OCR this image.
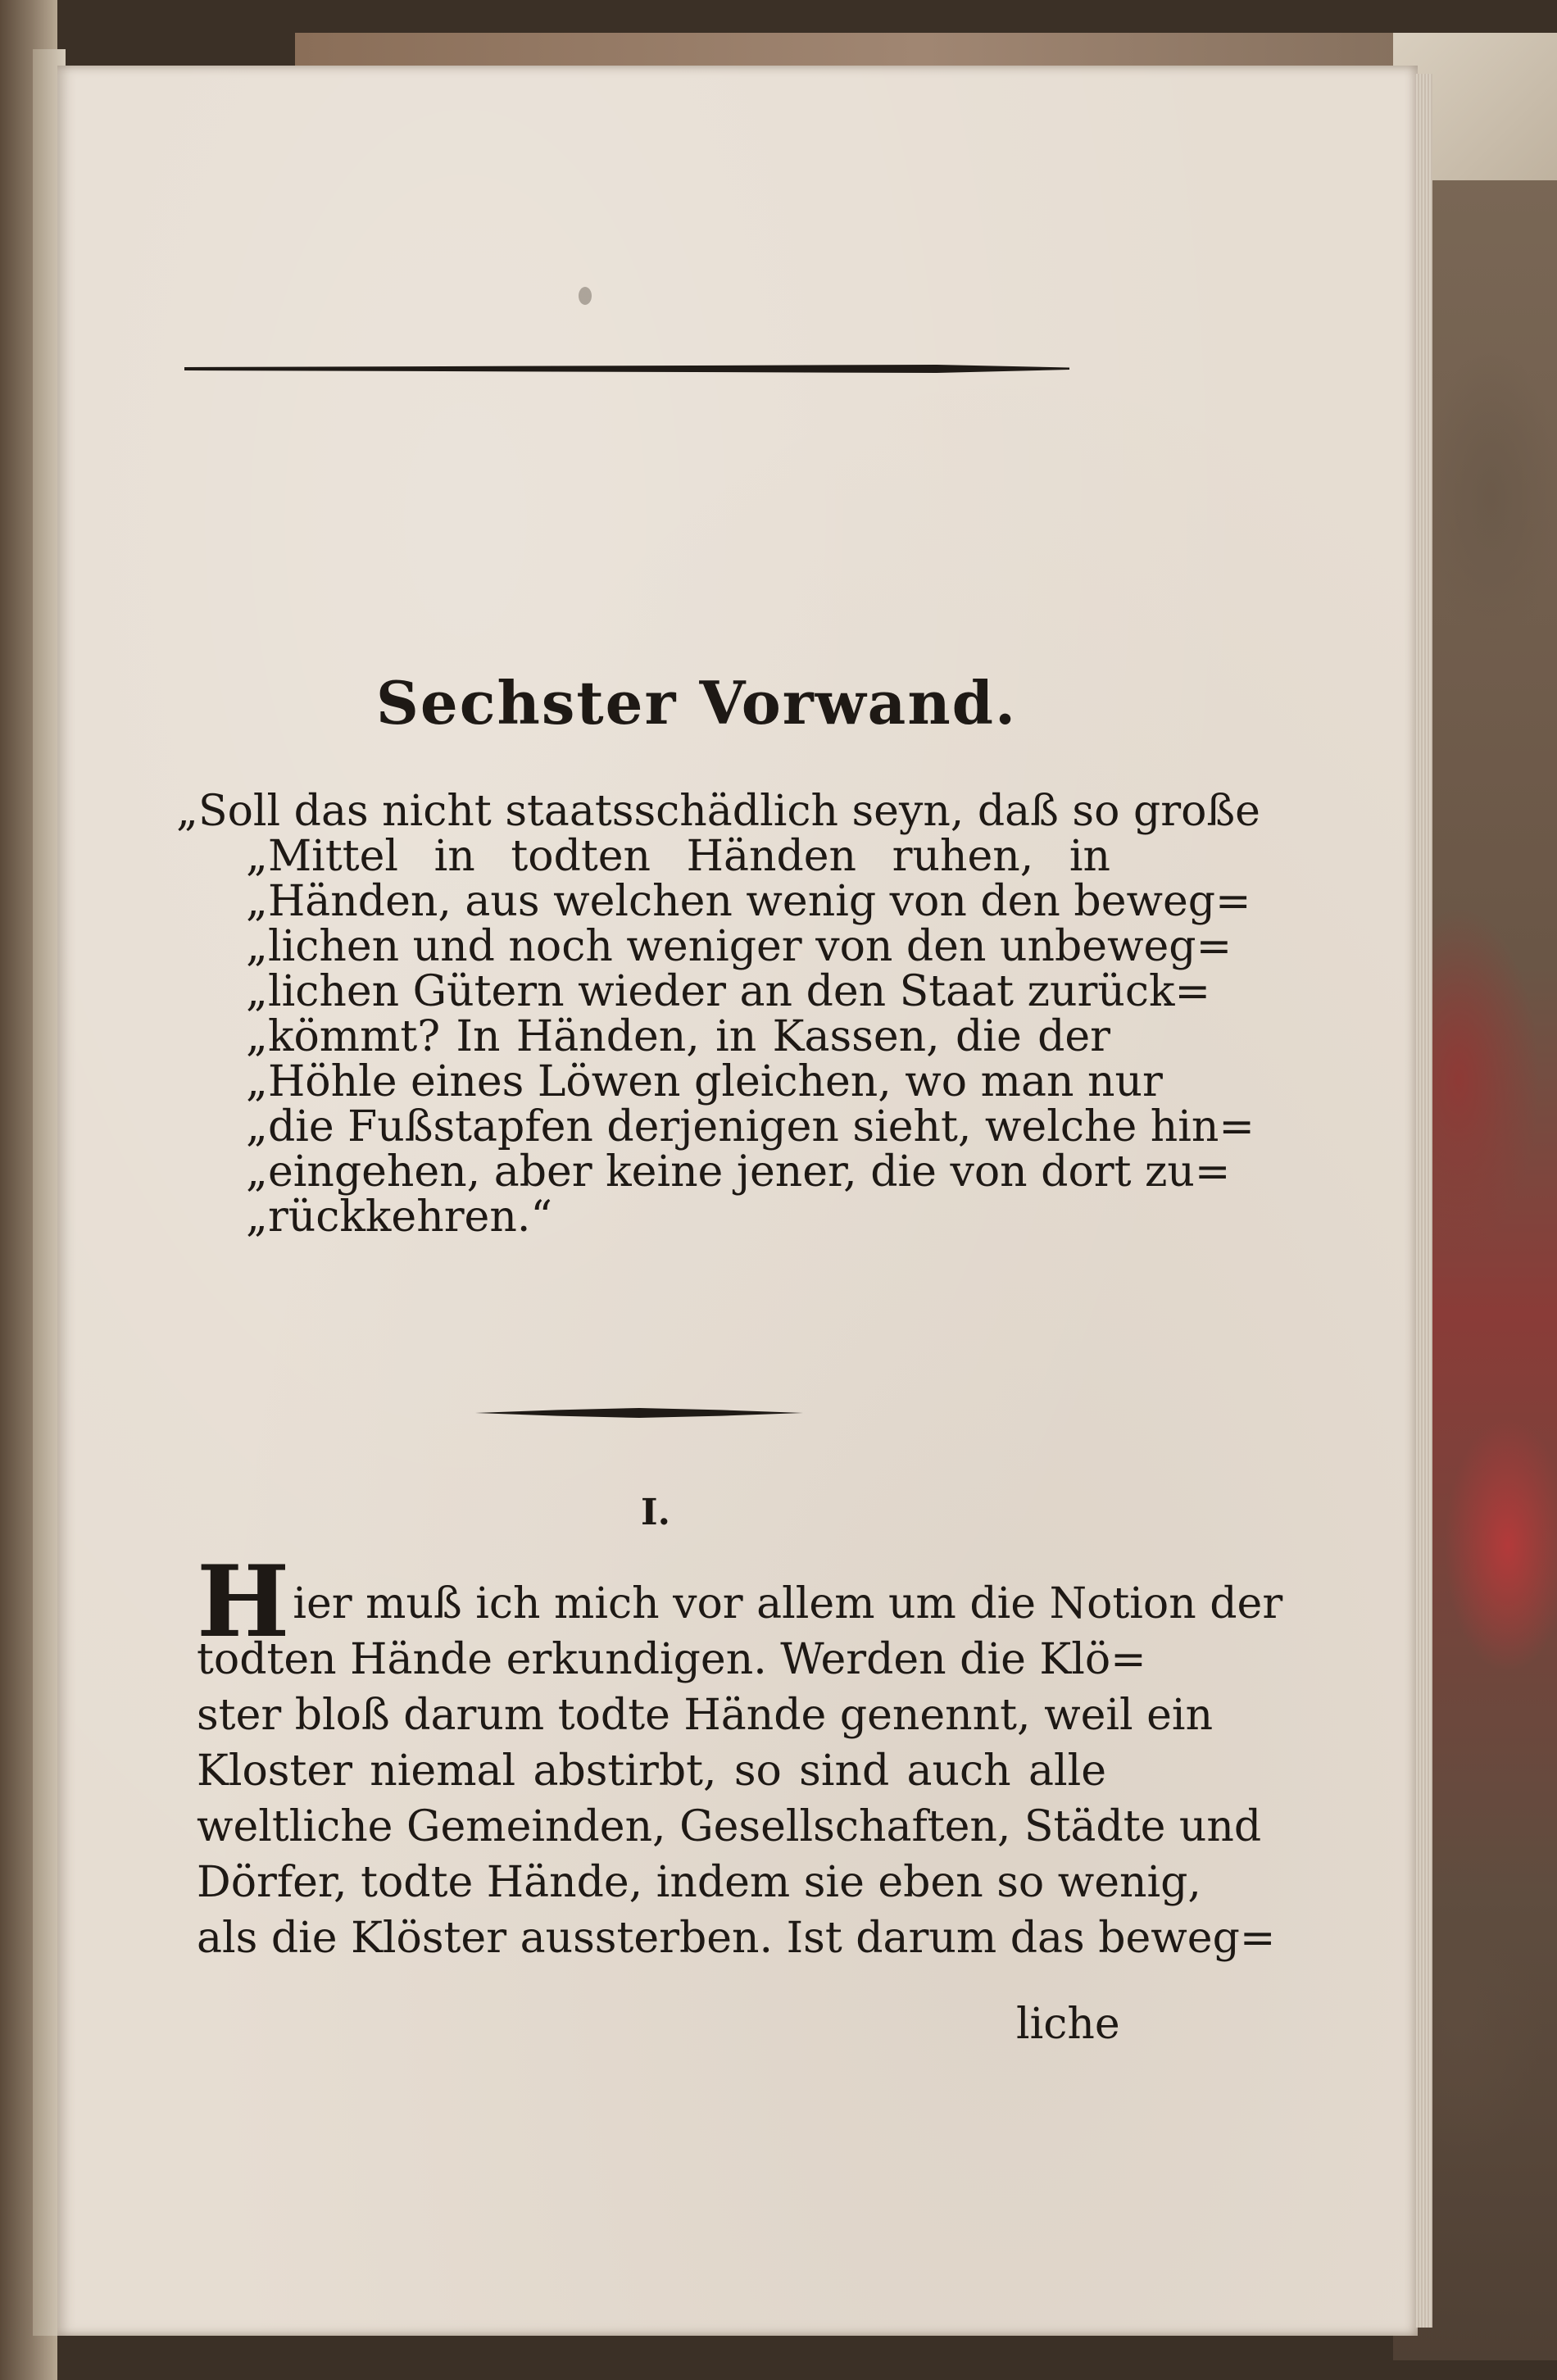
Sechster Vorwand.
„Soll das nicht staatsschädlich seyn, daß so große
„Mittel in todten Händen ruhen, in
„Händen, aus welchen wenig von den beweg=
„lichen und noch weniger von den unbeweg=
„lichen Gütern wieder an den Staat zurück=
„kömmt? In Händen, in Kassen, die der
„Höhle eines Löwen gleichen, wo man nur
„die Fußstapfen derjenigen sieht, welche hin=
„eingehen, aber keine jener, die von dort zu=
„rückkehren.“
I.
Hier muß ich mich vor allem um die Notion der
todten Hände erkundigen. Werden die Klö=
ster bloß darum todte Hände genennt, weil ein
Kloster niemal abstirbt, so sind auch alle
weltliche Gemeinden, Gesellschaften, Städte und
Dörfer, todte Hände, indem sie eben so wenig,
als die Klöster aussterben. Ist darum das beweg=
liche
